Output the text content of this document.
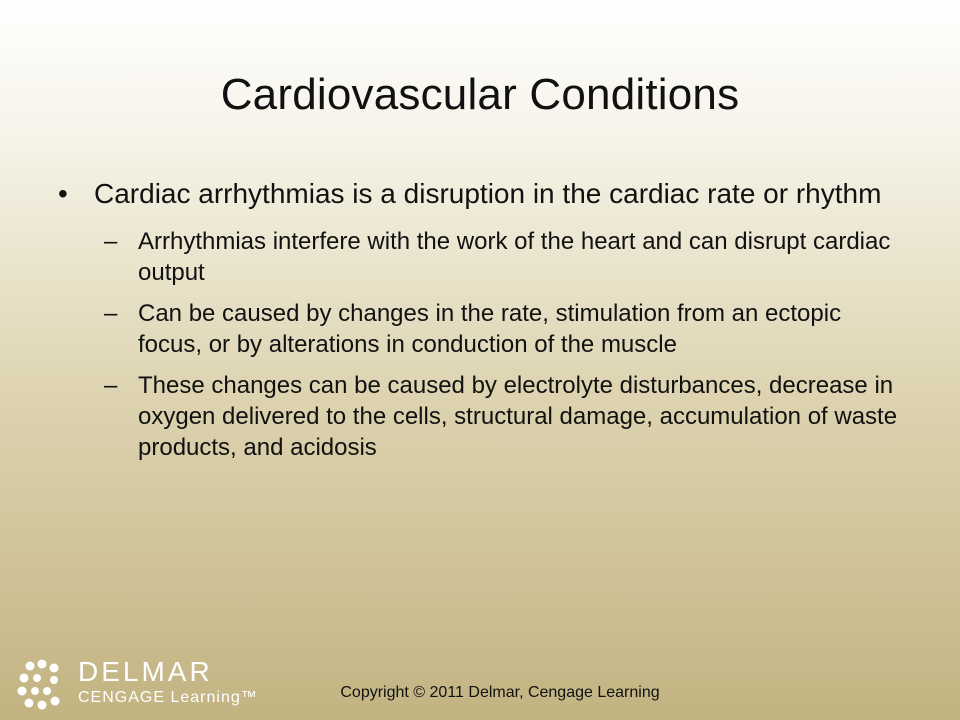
Cardiovascular Conditions
• Cardiac arrhythmias is a disruption in the cardiac rate or rhythm
– Arrhythmias interfere with the work of the heart and can disrupt cardiac output
– Can be caused by changes in the rate, stimulation from an ectopic focus, or by alterations in conduction of the muscle
– These changes can be caused by electrolyte disturbances, decrease in oxygen delivered to the cells, structural damage, accumulation of waste products, and acidosis
DELMAR
CENGAGE Learning™	Copyright © 2011 Delmar, Cengage Learning
